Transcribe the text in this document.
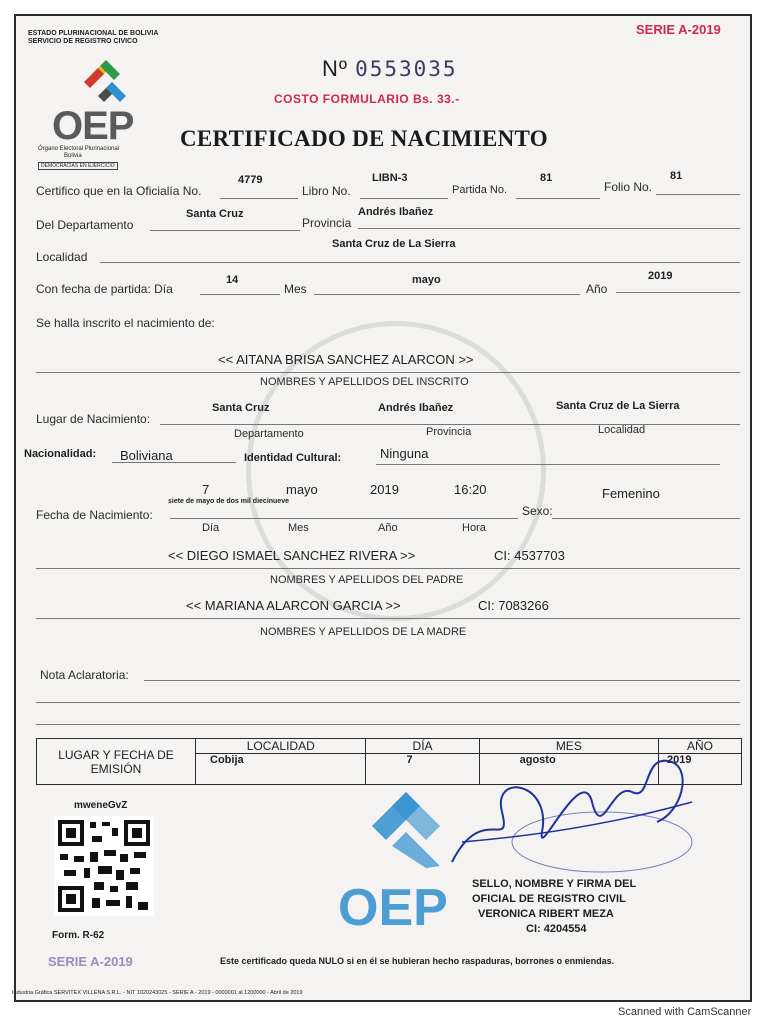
ESTADO PLURINACIONAL DE BOLIVIA
SERVICIO DE REGISTRO CIVICO
SERIE A-2019
OEP
Órgano Electoral Plurinacional
Bolivia
DEMOCRACIAS EN EJERCICIO
Nº 0553035
COSTO FORMULARIO Bs. 33.-
CERTIFICADO DE NACIMIENTO
Certifico que en la Oficialía No.
4779
Libro No.
LIBN-3
Partida No.
81
Folio No.
81
Del Departamento
Santa Cruz
Provincia
Andrés Ibañez
Localidad
Santa Cruz de La Sierra
Con fecha de partida: Día
14
Mes
mayo
Año
2019
Se halla inscrito el nacimiento de:
<< AITANA BRISA SANCHEZ ALARCON >>
NOMBRES Y APELLIDOS DEL INSCRITO
Lugar de Nacimiento:
Santa Cruz	Andrés Ibañez	Santa Cruz de La Sierra
Departamento	Provincia	Localidad
Nacionalidad: Boliviana	Identidad Cultural:	Ninguna
7	mayo	2019	16:20	Femenino
siete de mayo de dos mil diecinueve
Fecha de Nacimiento:	Sexo:
Día	Mes	Año	Hora
<< DIEGO ISMAEL SANCHEZ RIVERA >>	CI: 4537703
NOMBRES Y APELLIDOS DEL PADRE
<< MARIANA ALARCON GARCIA >>	CI: 7083266
NOMBRES Y APELLIDOS DE LA MADRE
Nota Aclaratoria:
LUGAR Y FECHA DE EMISIÓN	LOCALIDAD	DÍA	MES	AÑO
	Cobija	7	agosto	2019
mweneGvZ
Form. R-62
SERIE A-2019
OEP SELLO, NOMBRE Y FIRMA DEL
OFICIAL DE REGISTRO CIVIL
VERONICA RIBERT MEZA
CI: 4204554
Este certificado queda NULO si en él se hubieran hecho raspaduras, borrones o enmiendas.
Industria Gráfica SERVITEX VILLENA S.R.L. - NIT 1020243025 - SERIE A - 2019 - 0000001 al 1200000 - Abril de 2019
Scanned with CamScanner
